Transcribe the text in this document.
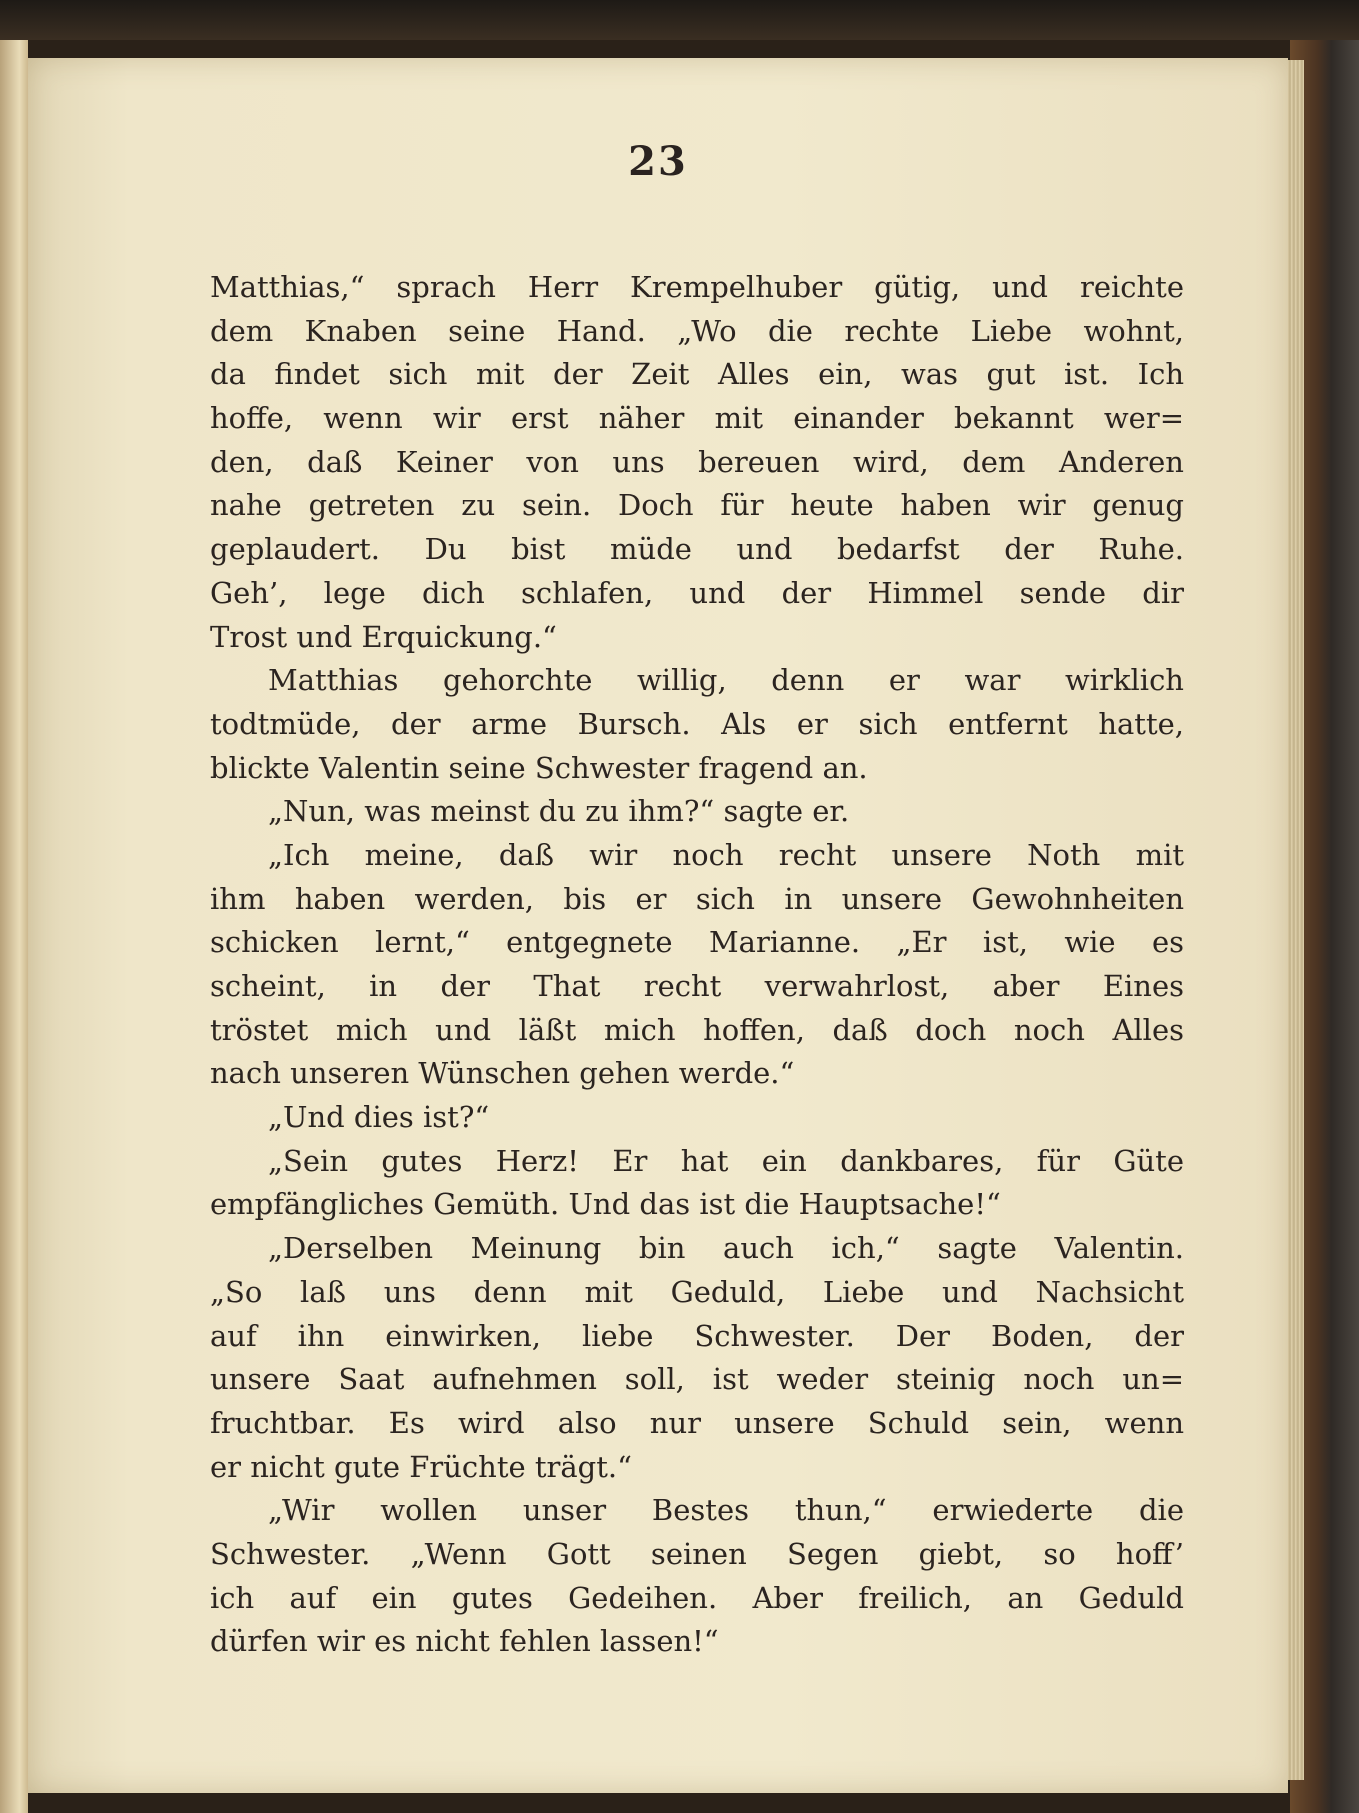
23
Matthias,“ sprach Herr Krempelhuber gütig, und reichte
dem Knaben seine Hand. „Wo die rechte Liebe wohnt,
da findet sich mit der Zeit Alles ein, was gut ist. Ich
hoffe, wenn wir erst näher mit einander bekannt wer=
den, daß Keiner von uns bereuen wird, dem Anderen
nahe getreten zu sein. Doch für heute haben wir genug
geplaudert. Du bist müde und bedarfst der Ruhe.
Geh’, lege dich schlafen, und der Himmel sende dir
Trost und Erquickung.“
Matthias gehorchte willig, denn er war wirklich
todtmüde, der arme Bursch. Als er sich entfernt hatte,
blickte Valentin seine Schwester fragend an.
„Nun, was meinst du zu ihm?“ sagte er.
„Ich meine, daß wir noch recht unsere Noth mit
ihm haben werden, bis er sich in unsere Gewohnheiten
schicken lernt,“ entgegnete Marianne. „Er ist, wie es
scheint, in der That recht verwahrlost, aber Eines
tröstet mich und läßt mich hoffen, daß doch noch Alles
nach unseren Wünschen gehen werde.“
„Und dies ist?“
„Sein gutes Herz! Er hat ein dankbares, für Güte
empfängliches Gemüth. Und das ist die Hauptsache!“
„Derselben Meinung bin auch ich,“ sagte Valentin.
„So laß uns denn mit Geduld, Liebe und Nachsicht
auf ihn einwirken, liebe Schwester. Der Boden, der
unsere Saat aufnehmen soll, ist weder steinig noch un=
fruchtbar. Es wird also nur unsere Schuld sein, wenn
er nicht gute Früchte trägt.“
„Wir wollen unser Bestes thun,“ erwiederte die
Schwester. „Wenn Gott seinen Segen giebt, so hoff’
ich auf ein gutes Gedeihen. Aber freilich, an Geduld
dürfen wir es nicht fehlen lassen!“
